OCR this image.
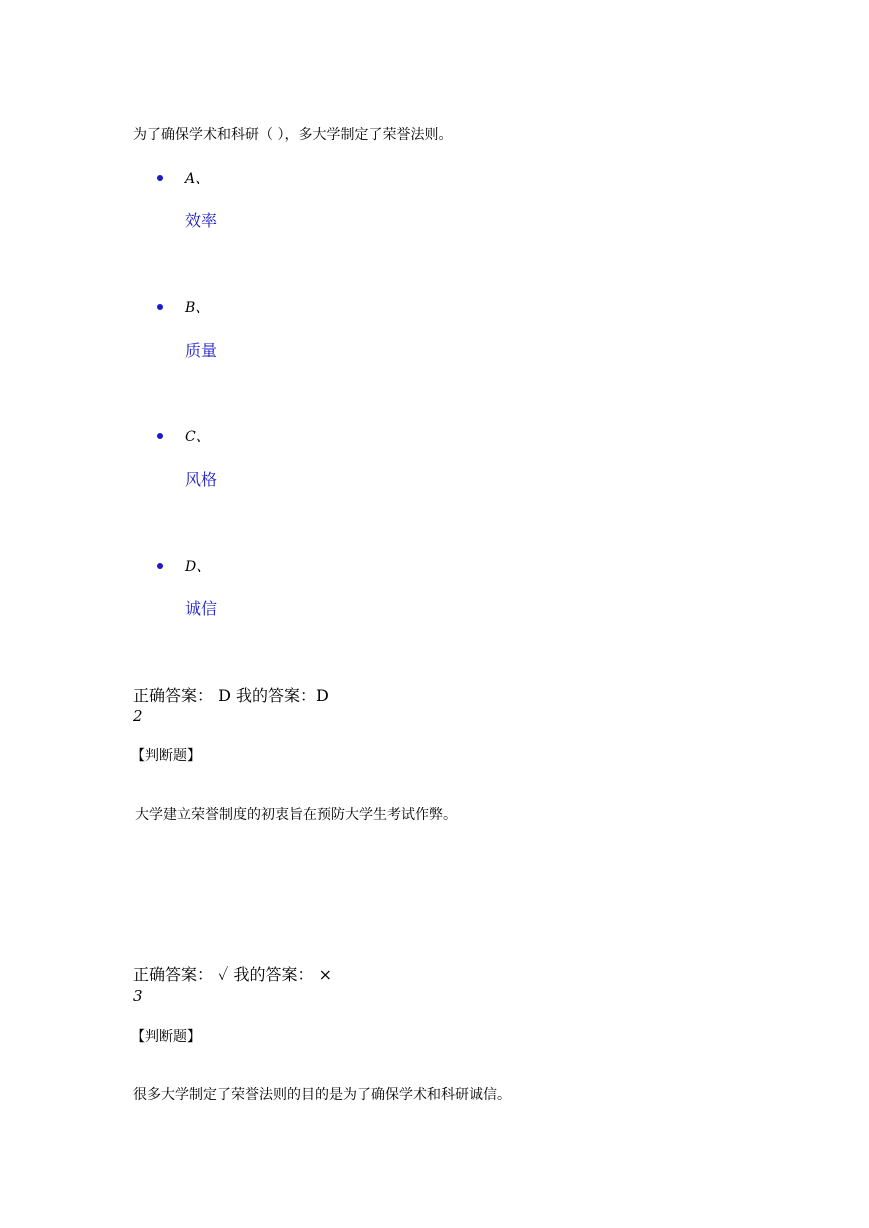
为了确保学术和科研（ ），多大学制定了荣誉法则。
A、
效率
B、
质量
C、
风格
D、
诚信
正确答案： D 我的答案：D
2
【判断题】
大学建立荣誉制度的初衷旨在预防大学生考试作弊。
正确答案： ✓ 我的答案： ×
3
【判断题】
很多大学制定了荣誉法则的目的是为了确保学术和科研诚信。
